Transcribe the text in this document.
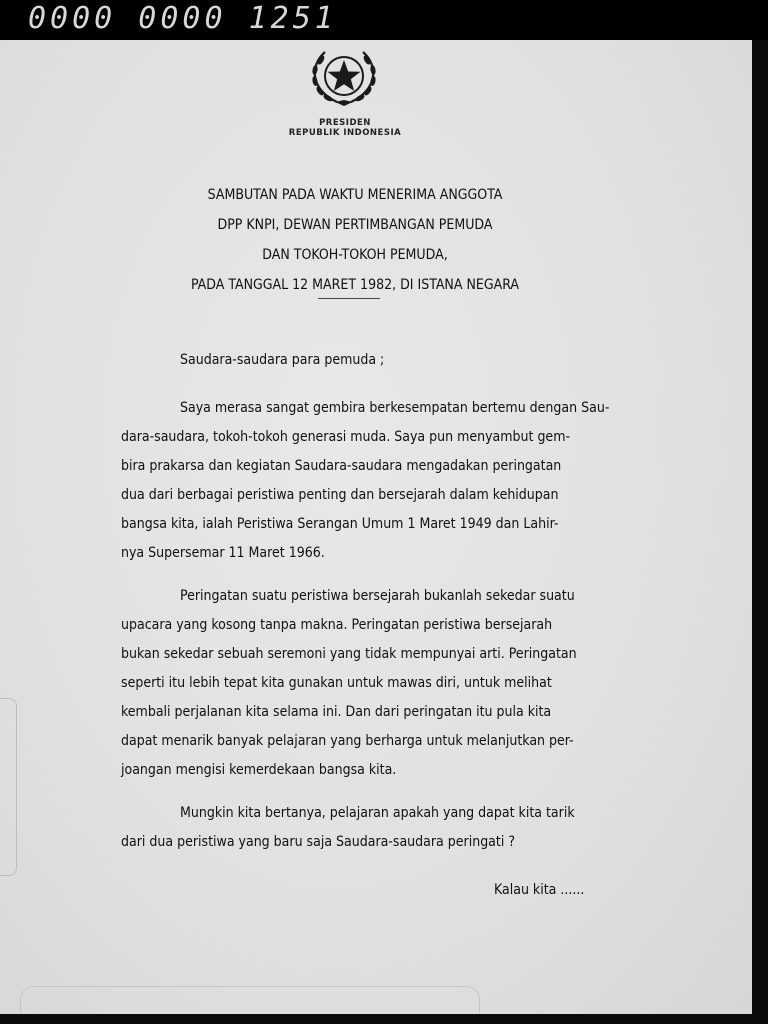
0000 0000 1251
PRESIDEN
REPUBLIK INDONESIA
SAMBUTAN PADA WAKTU MENERIMA ANGGOTA
DPP KNPI, DEWAN PERTIMBANGAN PEMUDA
DAN TOKOH-TOKOH PEMUDA,
PADA TANGGAL 12 MARET 1982, DI ISTANA NEGARA
Saudara-saudara para pemuda ;
Saya merasa sangat gembira berkesempatan bertemu dengan Sau-
dara-saudara, tokoh-tokoh generasi muda. Saya pun menyambut gem-
bira prakarsa dan kegiatan Saudara-saudara mengadakan peringatan
dua dari berbagai peristiwa penting dan bersejarah dalam kehidupan
bangsa kita, ialah Peristiwa Serangan Umum 1 Maret 1949 dan Lahir-
nya Supersemar 11 Maret 1966.
Peringatan suatu peristiwa bersejarah bukanlah sekedar suatu
upacara yang kosong tanpa makna. Peringatan peristiwa bersejarah
bukan sekedar sebuah seremoni yang tidak mempunyai arti. Peringatan
seperti itu lebih tepat kita gunakan untuk mawas diri, untuk melihat
kembali perjalanan kita selama ini. Dan dari peringatan itu pula kita
dapat menarik banyak pelajaran yang berharga untuk melanjutkan per-
joangan mengisi kemerdekaan bangsa kita.
Mungkin kita bertanya, pelajaran apakah yang dapat kita tarik
dari dua peristiwa yang baru saja Saudara-saudara peringati ?
Kalau kita ......
